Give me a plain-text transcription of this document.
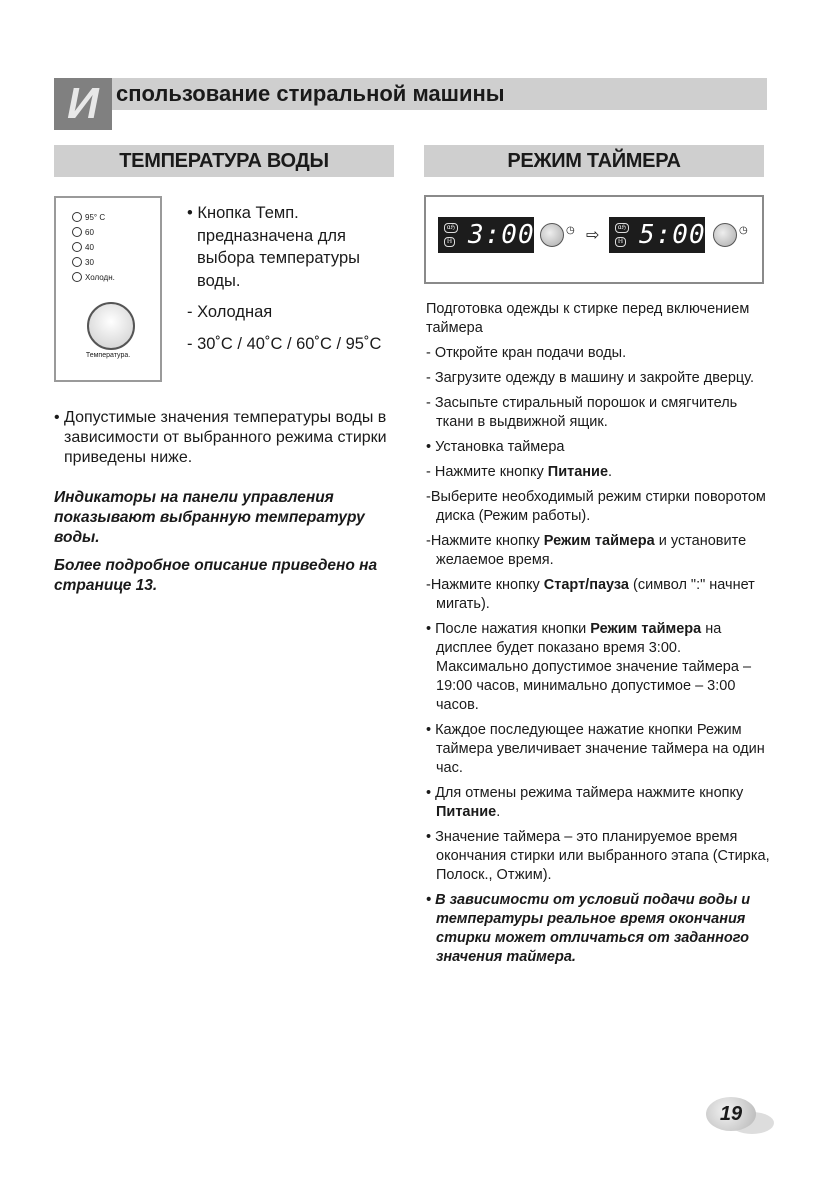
И спользование стиральной машины
ТЕМПЕРАТУРА ВОДЫ	РЕЖИМ ТАЙМЕРА
95° C
60
40
30
Холодн.
Температура.

• Кнопка Темп. предназначена для выбора температуры воды.

- Холодная

- 30˚C / 40˚C / 60˚C / 95˚C

• Допустимые значения температуры воды в зависимости от выбранного режима стирки приведены ниже.

Индикаторы на панели управления показывают выбранную температуру воды.

Более подробное описание приведено на странице 13.

ɑℌ
ℍ 3:00	◷ ⇨	ɑℌ
ℍ 5:00	◷

Подготовка одежды к стирке перед включением таймера

- Откройте кран подачи воды.

- Загрузите одежду в машину и закройте дверцу.

- Засыпьте стиральный порошок и смягчитель ткани в выдвижной ящик.

• Установка таймера

- Нажмите кнопку Питание.

-Выберите необходимый режим стирки поворотом диска (Режим работы).

-Нажмите кнопку Режим таймера и установите желаемое время.

-Нажмите кнопку Старт/пауза (символ ":" начнет мигать).

• После нажатия кнопки Режим таймера на дисплее будет показано время 3:00. Максимально допустимое значение таймера – 19:00 часов, минимально допустимое – 3:00 часов.

• Каждое последующее нажатие кнопки Режим таймера увеличивает значение таймера на один час.

• Для отмены режима таймера нажмите кнопку Питание.

• Значение таймера – это планируемое время окончания стирки или выбранного этапа (Стирка, Полоск., Отжим).

• В зависимости от условий подачи воды и температуры реальное время окончания стирки может отличаться от заданного значения таймера.

19
